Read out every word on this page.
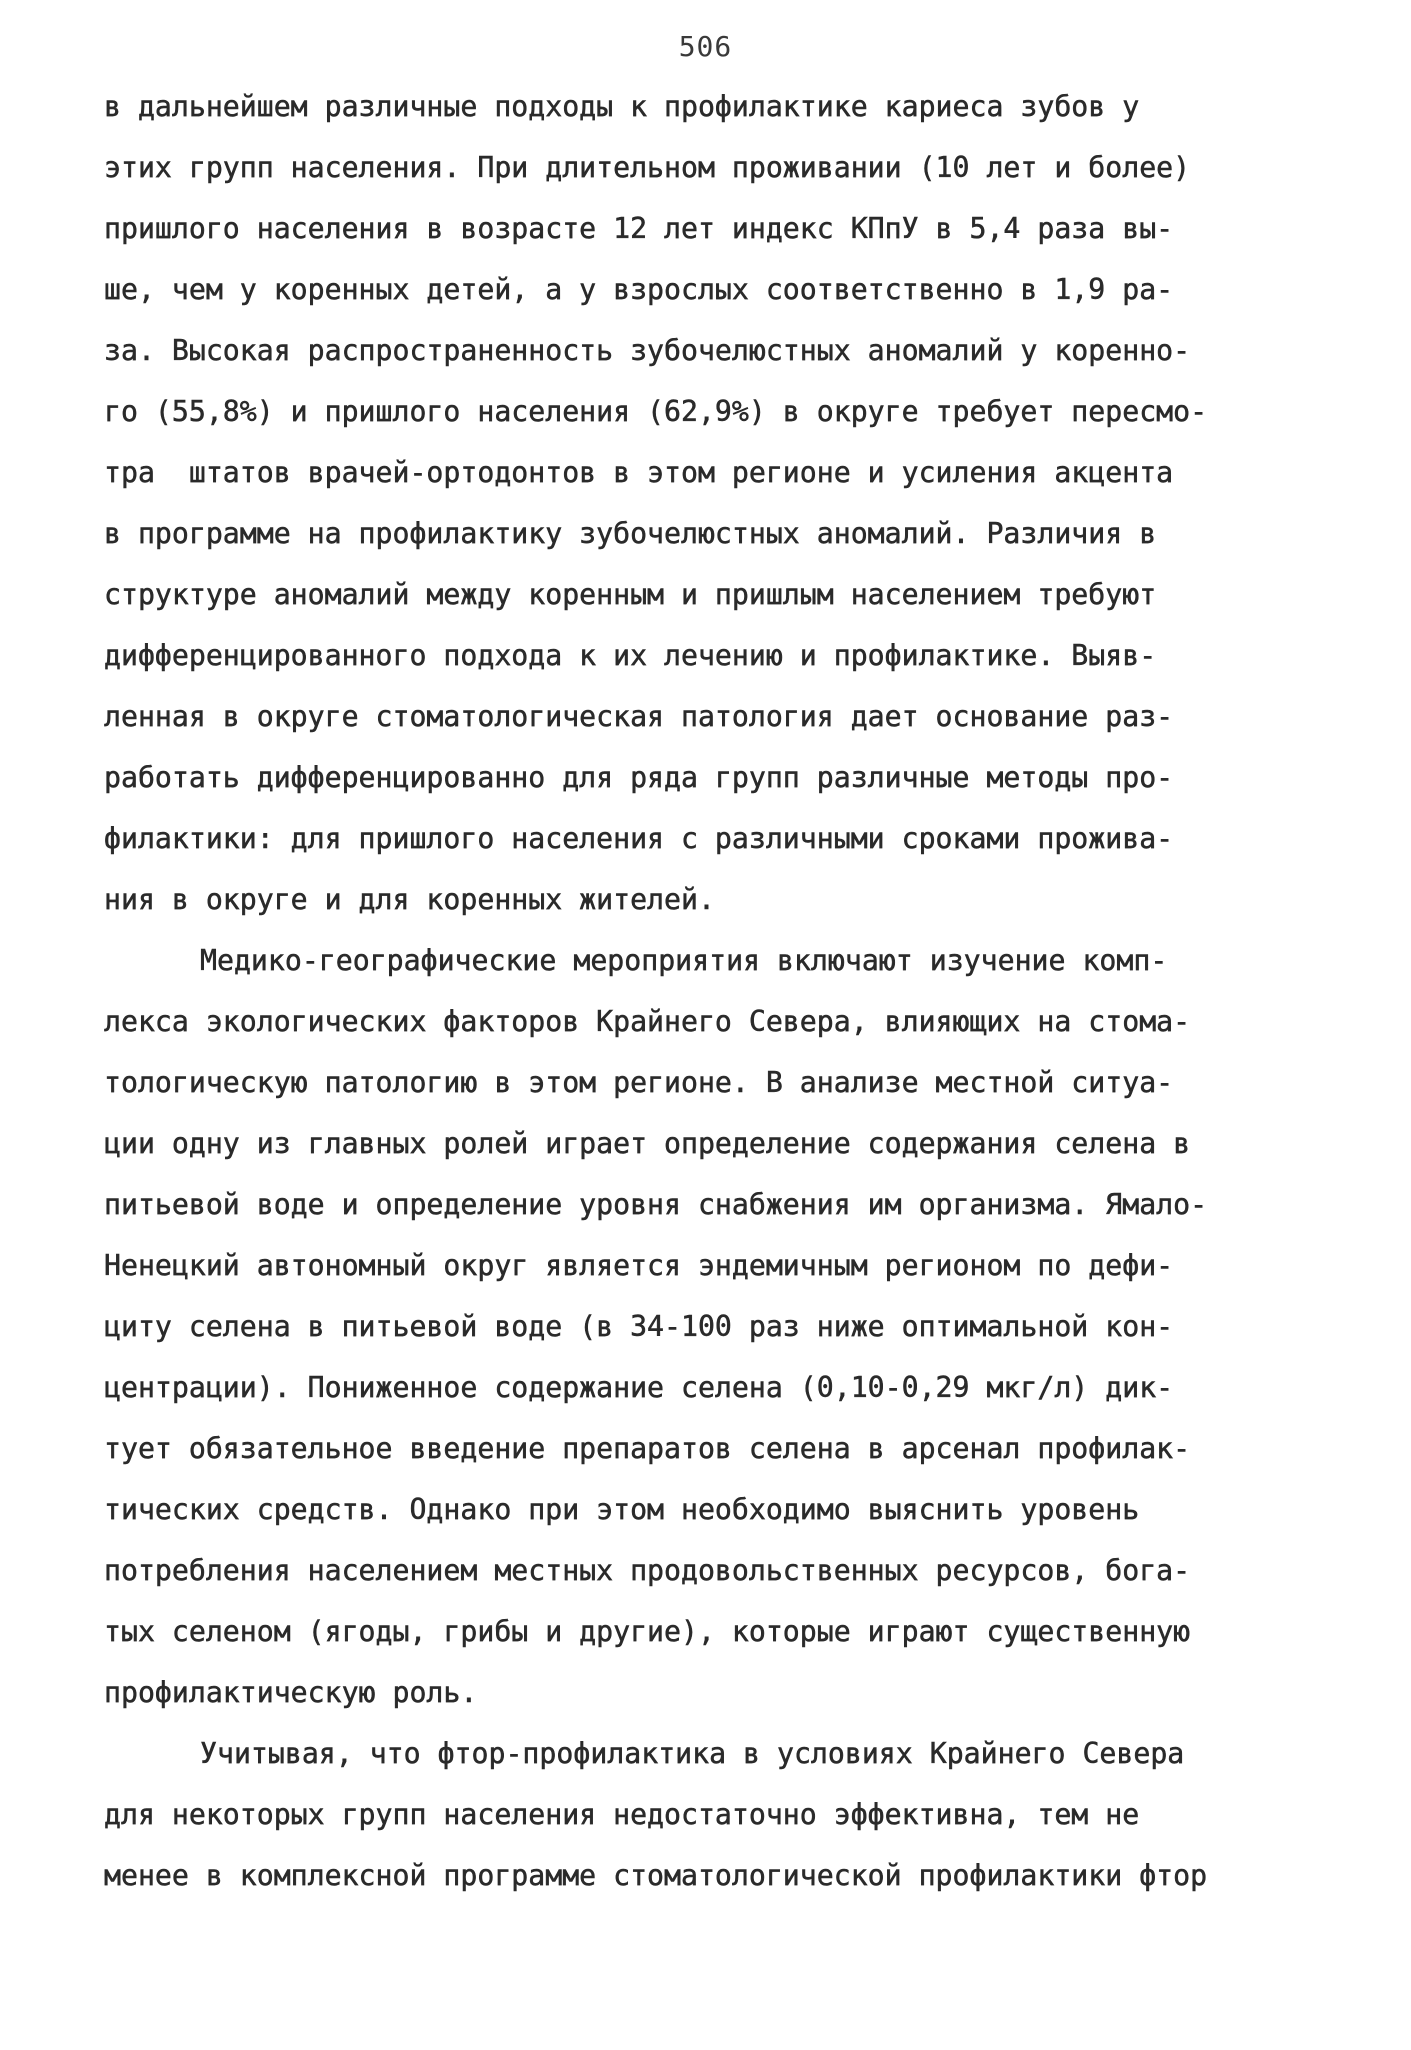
506
в дальнейшем различные подходы к профилактике кариеса зубов у
этих групп населения. При длительном проживании (10 лет и более)
пришлого населения в возрасте 12 лет индекс КПпУ в 5,4 раза вы-
ше, чем у коренных детей, а у взрослых соответственно в 1,9 ра-
за. Высокая распространенность зубочелюстных аномалий у коренно-
го (55,8%) и пришлого населения (62,9%) в округе требует пересмо-
тра  штатов врачей-ортодонтов в этом регионе и усиления акцента
в программе на профилактику зубочелюстных аномалий. Различия в
структуре аномалий между коренным и пришлым населением требуют
дифференцированного подхода к их лечению и профилактике. Выяв-
ленная в округе стоматологическая патология дает основание раз-
работать дифференцированно для ряда групп различные методы про-
филактики: для пришлого населения с различными сроками прожива-
ния в округе и для коренных жителей.
Медико-географические мероприятия включают изучение комп-
лекса экологических факторов Крайнего Севера, влияющих на стома-
тологическую патологию в этом регионе. В анализе местной ситуа-
ции одну из главных ролей играет определение содержания селена в
питьевой воде и определение уровня снабжения им организма. Ямало-
Ненецкий автономный округ является эндемичным регионом по дефи-
циту селена в питьевой воде (в 34-100 раз ниже оптимальной кон-
центрации). Пониженное содержание селена (0,10-0,29 мкг/л) дик-
тует обязательное введение препаратов селена в арсенал профилак-
тических средств. Однако при этом необходимо выяснить уровень
потребления населением местных продовольственных ресурсов, бога-
тых селеном (ягоды, грибы и другие), которые играют существенную
профилактическую роль.
Учитывая, что фтор-профилактика в условиях Крайнего Севера
для некоторых групп населения недостаточно эффективна, тем не
менее в комплексной программе стоматологической профилактики фтор
